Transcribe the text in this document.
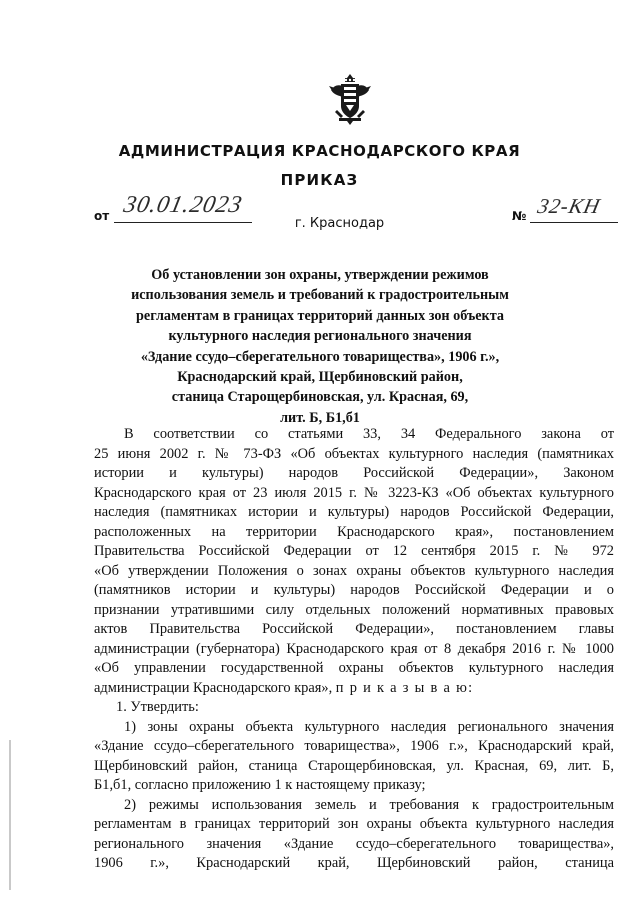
АДМИНИСТРАЦИЯ КРАСНОДАРСКОГО КРАЯ
ПРИКАЗ
от 30.01.2023
г. Краснодар	№ 32-КН
Об установлении зон охраны, утверждении режимов
использования земель и требований к градостроительным
регламентам в границах территорий данных зон объекта
культурного наследия регионального значения
«Здание ссудо–сберегательного товарищества», 1906 г.»,
Краснодарский край, Щербиновский район,
станица Старощербиновская, ул. Красная, 69,
лит. Б, Б1,б1
В соответствии со статьями 33, 34 Федерального закона от
25 июня 2002 г. № 73-ФЗ «Об объектах культурного наследия (памятниках
истории и культуры) народов Российской Федерации», Законом
Краснодарского края от 23 июля 2015 г. № 3223-КЗ «Об объектах культурного
наследия (памятниках истории и культуры) народов Российской Федерации,
расположенных на территории Краснодарского края», постановлением
Правительства Российской Федерации от 12 сентября 2015 г. № 972
«Об утверждении Положения о зонах охраны объектов культурного наследия
(памятников истории и культуры) народов Российской Федерации и о
признании утратившими силу отдельных положений нормативных правовых
актов Правительства Российской Федерации», постановлением главы
администрации (губернатора) Краснодарского края от 8 декабря 2016 г. № 1000
«Об управлении государственной охраны объектов культурного наследия
администрации Краснодарского края», п р и к а з ы в а ю:
1. Утвердить:
1) зоны охраны объекта культурного наследия регионального значения
«Здание ссудо–сберегательного товарищества», 1906 г.», Краснодарский край,
Щербиновский район, станица Старощербиновская, ул. Красная, 69, лит. Б,
Б1,б1, согласно приложению 1 к настоящему приказу;
2) режимы использования земель и требования к градостроительным
регламентам в границах территорий зон охраны объекта культурного наследия
регионального значения «Здание ссудо–сберегательного товарищества»,
1906 г.», Краснодарский край, Щербиновский район, станица
